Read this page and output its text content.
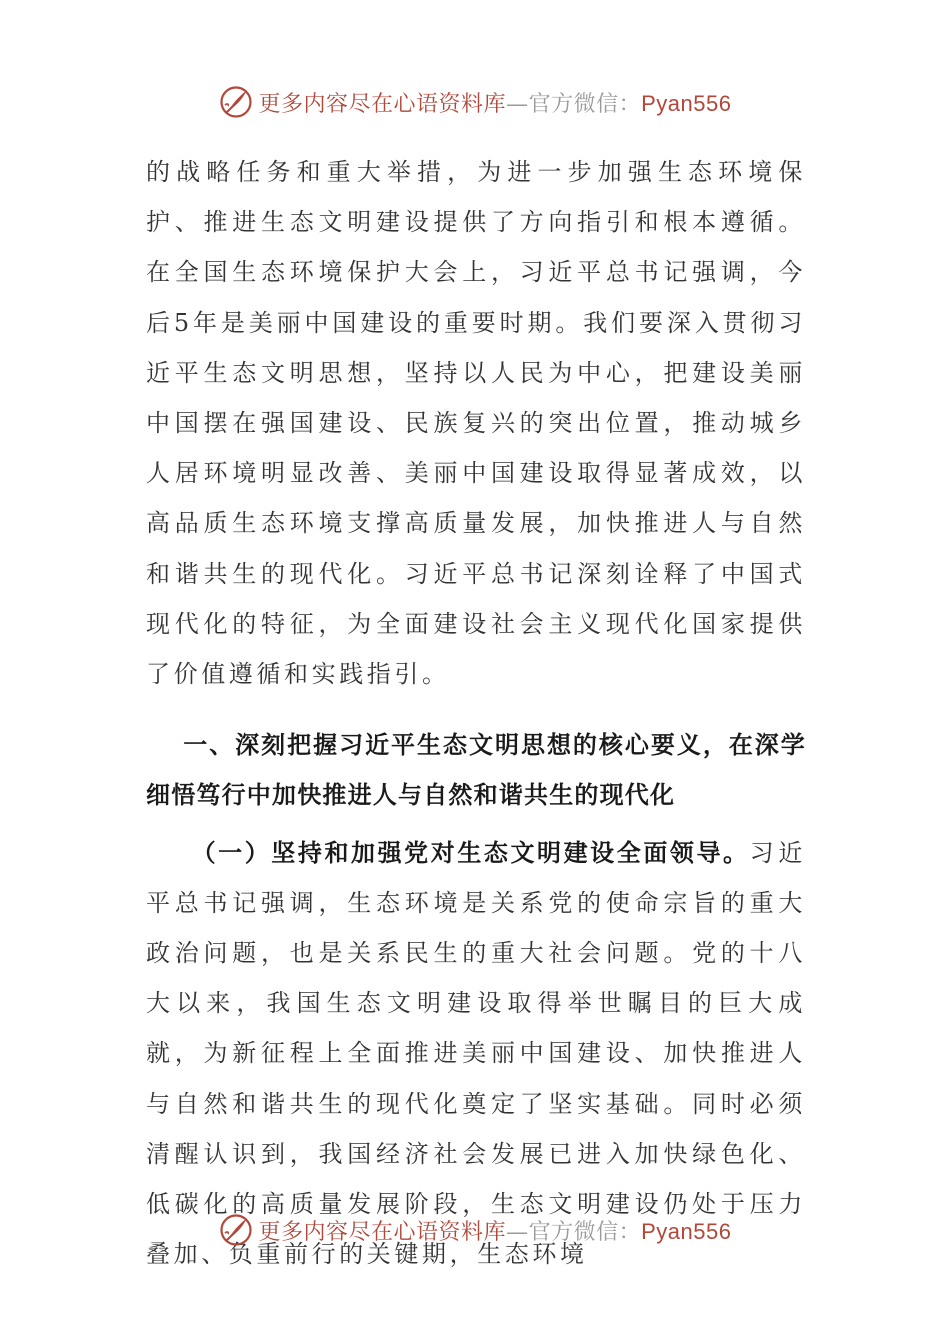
更多内容尽在心语资料库—官方微信：Pyan556

的战略任务和重大举措，为进一步加强生态环境保护、推进生态文明建设提供了方向指引和根本遵循。在全国生态环境保护大会上，习近平总书记强调，今后5年是美丽中国建设的重要时期。我们要深入贯彻习近平生态文明思想，坚持以人民为中心，把建设美丽中国摆在强国建设、民族复兴的突出位置，推动城乡人居环境明显改善、美丽中国建设取得显著成效，以高品质生态环境支撑高质量发展，加快推进人与自然和谐共生的现代化。习近平总书记深刻诠释了中国式现代化的特征，为全面建设社会主义现代化国家提供了价值遵循和实践指引。

一、深刻把握习近平生态文明思想的核心要义，在深学细悟笃行中加快推进人与自然和谐共生的现代化

（一）坚持和加强党对生态文明建设全面领导。习近平总书记强调，生态环境是关系党的使命宗旨的重大政治问题，也是关系民生的重大社会问题。党的十八大以来，我国生态文明建设取得举世瞩目的巨大成就，为新征程上全面推进美丽中国建设、加快推进人与自然和谐共生的现代化奠定了坚实基础。同时必须清醒认识到，我国经济社会发展已进入加快绿色化、低碳化的高质量发展阶段，生态文明建设仍处于压力叠加、负重前行的关键期，生态环境

更多内容尽在心语资料库—官方微信：Pyan556
